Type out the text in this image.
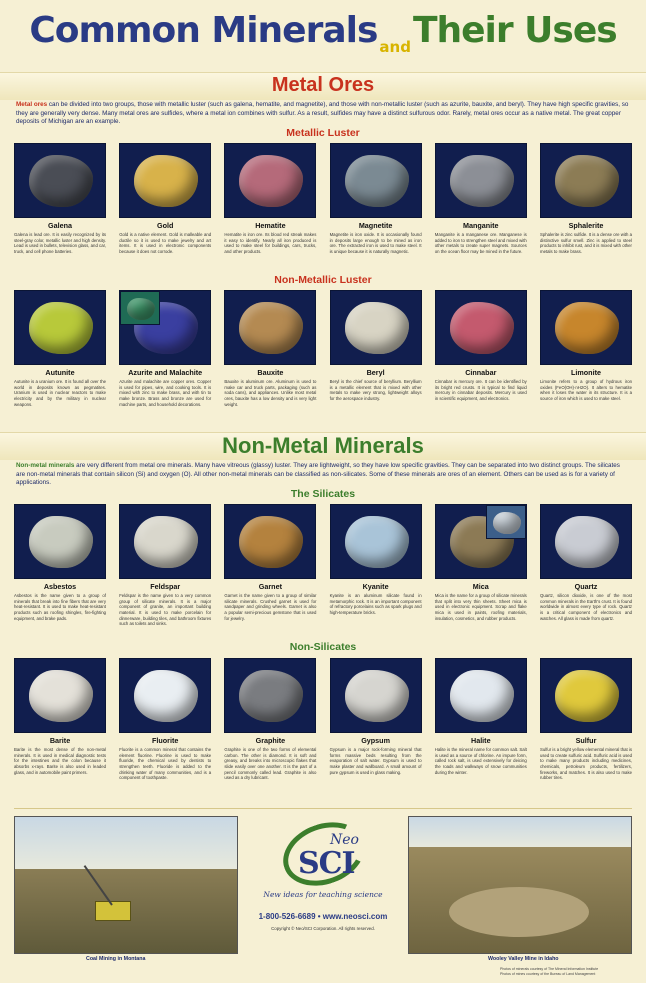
Common Minerals andTheir Uses
Metal Ores
Metal ores can be divided into two groups, those with metallic luster (such as galena, hematite, and magnetite), and those with non-metallic luster (such as azurite, bauxite, and beryl). They have high specific gravities, so they are generally very dense. Many metal ores are sulfides, where a metal ion combines with sulfur. As a result, sulfides may have a distinct sulfurous odor. Rarely, metal ores occur as a native metal. The great copper deposits of Michigan are an example.
Metallic Luster
Galena
Galena is lead ore. It is easily recognized by its steel-gray color, metallic luster and high density. Lead is used in bullets, television glass, and car, truck, and cell phone batteries.
Gold
Gold is a native element. Gold is malleable and ductile so it is used to make jewelry and art items. It is used in electronic components because it does not corrode.
Hematite
Hematite is iron ore. Its blood red streak makes it easy to identify. Nearly all iron produced is used to make steel for buildings, cars, trucks, and other products.
Magnetite
Magnetite is iron oxide. It is occasionally found in deposits large enough to be mined as iron ore. The extracted iron is used to make steel. It is unique because it is naturally magnetic.
Manganite
Manganite is a manganese ore. Manganese is added to iron to strengthen steel and mixed with other metals to create super magnets. Sources on the ocean floor may be mined in the future.
Sphalerite
Sphalerite is zinc sulfide. It is a dense ore with a distinctive sulfur smell. Zinc is applied to steel products to inhibit rust, and it is mixed with other metals to make brass.
Non-Metallic Luster
Autunite
Autunite is a uranium ore. It is found all over the world in deposits known as pegmatites. Uranium is used in nuclear reactors to make electricity and by the military in nuclear weapons.
Azurite and Malachite
Azurite and malachite are copper ores. Copper is used for pipes, wire, and cooking tools. It is mixed with zinc to make brass, and with tin to make bronze. Brass and bronze are used for machine parts, and household decorations.
Bauxite
Bauxite is aluminum ore. Aluminum is used to make car and truck parts, packaging (such as soda cans), and appliances. Unlike most metal ores, bauxite has a low density and is very light weight.
Beryl
Beryl is the chief source of beryllium. Beryllium is a metallic element that is mixed with other metals to make very strong, lightweight alloys for the aerospace industry.
Cinnabar
Cinnabar is mercury ore. It can be identified by its bright red crusts. It is typical to find liquid mercury in cinnabar deposits. Mercury is used in scientific equipment, and electronics.
Limonite
Limonite refers to a group of hydrous iron oxides (FeO(OH)·nH2O). It alters to hematite when it loses the water in its structure. It is a source of iron which is used to make steel.
Non-Metal Minerals
Non-metal minerals are very different from metal ore minerals. Many have vitreous (glassy) luster. They are lightweight, so they have low specific gravities. They can be separated into two distinct groups. The silicates are non-metal minerals that contain silicon (Si) and oxygen (O). All other non-metal minerals can be classified as non-silicates. Some of these minerals are ores of an element. Others can be used as is for a variety of applications.
The Silicates
Asbestos
Asbestos is the name given to a group of minerals that break into fine fibers that are very heat-resistant. It is used to make heat-resistant products such as roofing shingles, fire-fighting equipment, and brake pads.
Feldspar
Feldspar is the name given to a very common group of silicate minerals. It is a major component of granite, an important building material. It is used to make porcelain for dinnerware, building tiles, and bathroom fixtures such as toilets and sinks.
Garnet
Garnet is the name given to a group of similar silicate minerals. Crushed garnet is used for sandpaper and grinding wheels. Garnet is also a popular semi-precious gemstone that is used for jewelry.
Kyanite
Kyanite is an aluminum silicate found in metamorphic rock. It is an important component of refractory porcelains such as spark plugs and high-temperature bricks.
Mica
Mica is the name for a group of silicate minerals that split into very thin sheets. Sheet mica is used in electronic equipment. Scrap and flake mica is used in paints, roofing materials, insulation, cosmetics, and rubber products.
Quartz
Quartz, silicon dioxide, is one of the most common minerals in the Earth's crust. It is found worldwide in almost every type of rock. Quartz is a critical component of electronics and watches. All glass is made from quartz.
Non-Silicates
Barite
Barite is the most dense of the non-metal minerals. It is used in medical diagnostic tests for the intestines and the colon because it absorbs x-rays. Barite is also used in leaded glass, and in automobile paint primers.
Fluorite
Fluorite is a common mineral that contains the element fluorine. Fluorine is used to make fluoride, the chemical used by dentists to strengthen teeth. Fluoride is added to the drinking water of many communities, and is a component of toothpaste.
Graphite
Graphite is one of the two forms of elemental carbon. The other is diamond. It is soft and greasy, and breaks into microscopic flakes that slide easily over one another. It is the part of a pencil commonly called lead. Graphite is also used as a dry lubricant.
Gypsum
Gypsum is a major rock-forming mineral that forms massive beds resulting from the evaporation of salt water. Gypsum is used to make plaster and wallboard. A small amount of pure gypsum is used in glass making.
Halite
Halite is the mineral name for common salt. Salt is used as a source of chlorine. An impure form, called rock salt, is used extensively for deicing the roads and walkways of snow communities during the winter.
Sulfur
Sulfur is a bright yellow elemental mineral that is used to create sulfuric acid. Sulfuric acid is used to make many products including medicines, chemicals, petroleum products, fertilizers, fireworks, and matches. It is also used to make rubber tires.
Coal Mining in Montana	Wooley Valley Mine in Idaho
Neo
SCI
New ideas for teaching science
1-800-526-6689 • www.neosci.com
Copyright © Neo/SCI Corporation. All rights reserved.
Photos of minerals courtesy of The Mineral Information Institute
Photos of mines courtesy of the Bureau of Land Management
